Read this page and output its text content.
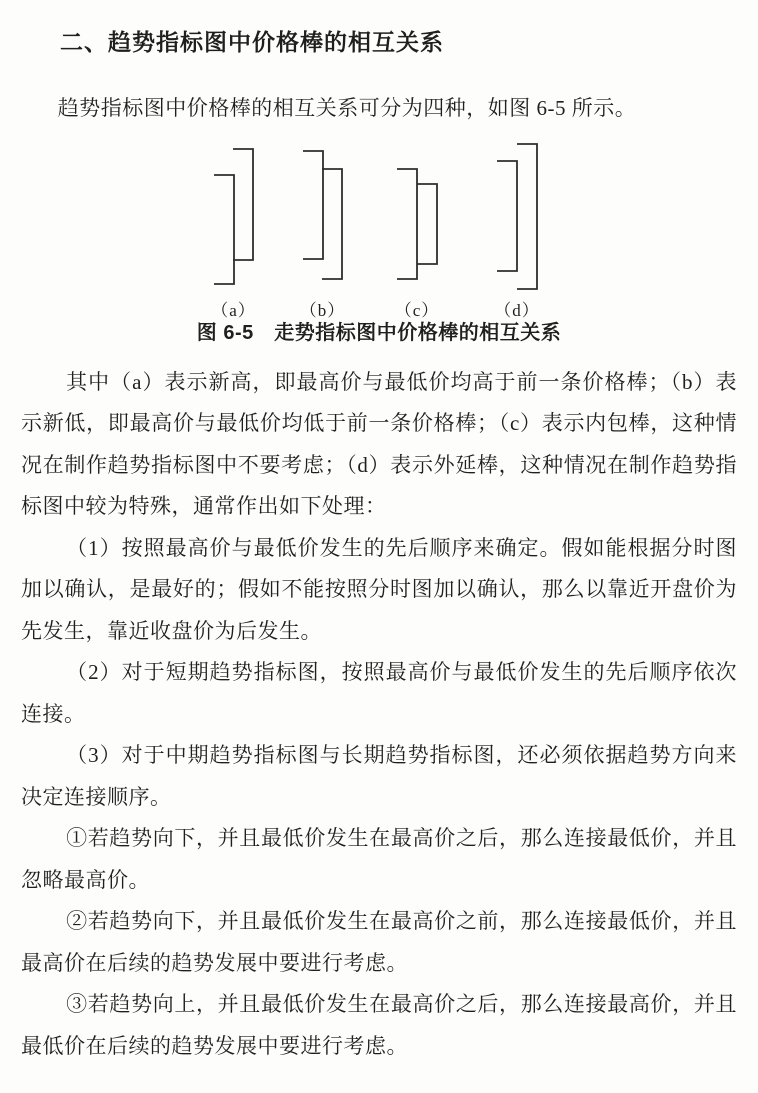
二、趋势指标图中价格棒的相互关系

趋势指标图中价格棒的相互关系可分为四种，如图 6-5 所示。

（a）	（b）	（c）	（d）
图 6-5　走势指标图中价格棒的相互关系

其中（a）表示新高，即最高价与最低价均高于前一条价格棒；（b）表示新低，即最高价与最低价均低于前一条价格棒；（c）表示内包棒，这种情况在制作趋势指标图中不要考虑；（d）表示外延棒，这种情况在制作趋势指标图中较为特殊，通常作出如下处理：

（1）按照最高价与最低价发生的先后顺序来确定。假如能根据分时图加以确认，是最好的；假如不能按照分时图加以确认，那么以靠近开盘价为先发生，靠近收盘价为后发生。

（2）对于短期趋势指标图，按照最高价与最低价发生的先后顺序依次连接。

（3）对于中期趋势指标图与长期趋势指标图，还必须依据趋势方向来决定连接顺序。

①若趋势向下，并且最低价发生在最高价之后，那么连接最低价，并且忽略最高价。

②若趋势向下，并且最低价发生在最高价之前，那么连接最低价，并且最高价在后续的趋势发展中要进行考虑。

③若趋势向上，并且最低价发生在最高价之后，那么连接最高价，并且最低价在后续的趋势发展中要进行考虑。
